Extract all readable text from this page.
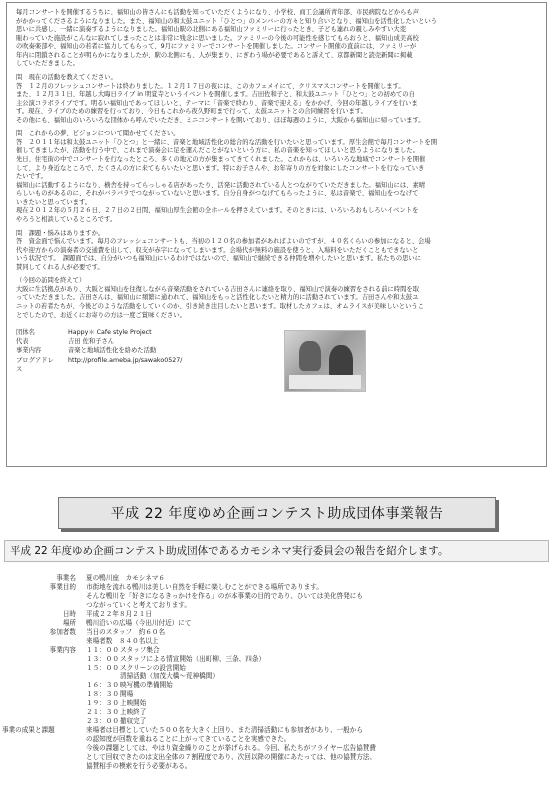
毎月コンサートを開催するうちに、福知山の皆さんにも活動を知っていただくようになり、小学校、商工会議所青年部、市民病院などからも声
がかかってくださるようになりました。また、福知山の和太鼓ユニット「ひとつ」のメンバーの方々と知り合いとなり、福知山を活性化したいという
思いに共感し、一緒に演奏するようになりました。福知山駅の北側にある福知山ファミリーに行ったとき、子ども連れの親しみやすい大変
賑わっていた施設がこんなに寂れてしまったことは非常に残念に思いました。ファミリーの今後の可能性を感じてもらおうと、福知山成美高校
の吹奏楽部や、福知山の若者に協力してもらって、9月にファミリーでコンサートを開催しました。コンサート開催の直前には、ファミリーが
年内に閉鎖されることが明らかになりましたが、駅の北側にも、人が集まり、にぎわう場が必要であると訴えて、京都新聞と読売新聞に掲載
していただきました。
問　現在の活動を教えてください。
答　１２月のフレッシュコンサートは終わりました。１２月１７日の夜には、このカフェメイにて、クリスマスコンサートを開催します。
また、１２月３１日、年越し大晦日ライブ in 明覚寺というイベントを開催します。吉田佐和子と、和太鼓ユニット「ひとつ」との初めての自
主公演コラボライブです。明るい福知山であってほしいと、テーマに「音楽で終わり、音楽で迎える」をかかげ、今回の年越しライブを行いま
す。現在、ライブのための練習を行っており、今日もこれから夜久野町まで行って、太鼓ユニットとの合同練習を行います。
その他にも、福知山のいろいろな団体から呼んでいただき、ミニコンサートを開いており、ほぼ毎週のように、大阪から福知山に帰っています。
問　これからの夢、ビジョンについて聞かせてください。
答　２０１１年は和太鼓ユニット「ひとつ」と一緒に、音楽と地域活性化の総合的な活動を行いたいと思っています。厚生会館で毎月コンサートを開
催してきましたが、活動を行う中で、これまで演奏会に足を運んだことがないという方に、私の音楽を知ってほしいと思うようになりました。
先日、住宅街の中でコンサートを行なったところ、多くの地元の方が集まってきてくれました。これからは、いろいろな地域でコンサートを開催
して、より身近なところで、たくさんの方に来てもらいたいと思います。特にお子さんや、お年寄りの方を対象にしたコンサートを行なっていき
たいです。
福知山に活動するようになり、横舎を持ってらっしゃる店があったり、活発に活動されている人とつながりていただきました。福知山には、素晴
らしいものがあるのに、それがバラバラでつながっていないと思います。自分自身がつなげてもらったように、私は音楽で、福知山をつなげて
いきたいと思っています。
現在２０１２年の５月２６日、２７日の２日間、福知山厚生会館の全ホールを押さえています。そのときには、いろいろおもしろいイベントを
やろうと相談しているところです。
問　課題・悩みはありますか。
答　資金面で悩んでいます。毎月のフレッシュコンサートも、当初の１２０名の参加者があればよいのですが、４０名くらいの参加になると、会場
代や迎方からの演奏者の交通費を出して、収支が赤字になってしまいます。会場代が無料の施設を使うと、入場料をいただくこともできないと
いう状況です。　課題面では、自分がいつも福知山にいるわけではないので、福知山で継続できる仲間を増やしたいと思います。私たちの思いに
賛同してくれる人が必要です。
（今回の訪問を終えて）
大阪に生活拠点があり、大阪と福知山を往復しながら音楽活動をされている吉田さんに連絡を取り、福知山で演奏の練習をされる前に時間を取
っていただきました。吉田さんは、福知山に頻繁に通われて、福知山をもっと活性化したいと精力的に活動されています。吉田さんや和太鼓ユ
ニットの若者たちが、今後どのような活動をしていくのか、引き続き注目したいと思います。取材したカフェは、オムライスが美味しいというこ
とでしたので、お近くにお寄りの方は一度ご賞味ください。
団体名	Happy＊ Cafe style Project
代表	吉田 佐和子さん
事業内容	音楽と地域活性化を絡めた活動
ブログアドレス
http://profile.ameba.jp/sawako0527/
平成 22 年度ゆめ企画コンテスト助成団体事業報告
平成 22 年度ゆめ企画コンテスト助成団体であるカモシネマ実行委員会の報告を紹介します。
事業名	夏の鴨川座　カモシネマ６
事業目的	市街地を流れる鴨川は美しい自然を手軽に楽しむことができる場所であります。
そんな鴨川を「好きになるきっかけを作る」のが本事業の目的であり、ひいては美化啓発にも
つながっていくと考えております。
日時	平成２２年８月２１日
場所	鴨川沿いの広場（今出川付近）にて
参加者数	当日のスタッフ　約６０名
来場者数　８４０名以上
事業内容	１１：００ スタッフ集合
１３：００ スタッフによる情宣開始（出町柳、三条、四条）
１５：００ スクリーンの設営開始
清掃活動（加茂大橋～荒神橋間）
１６：３０ 映写機の準備開始
１８：３０ 開場
１９：３０ 上映開始
２１：３０ 上映終了
２３：００ 撤収完了
事業の成果と課題	来場者は目標としていた５００名を大きく上回り、また清掃活動にも参加者があり、一般から
の認知度が回数を重ねることに上がってきていることを実感できた。
今後の課題としては、やはり資金繰りのことが挙げられる。今回、私たちがフライヤー広告協賛費
として回収できたのは支出全体の７割程度であり、次回以降の開催にあたっては、他の協賛方法、
協賛相手の模索を行う必要がある。
